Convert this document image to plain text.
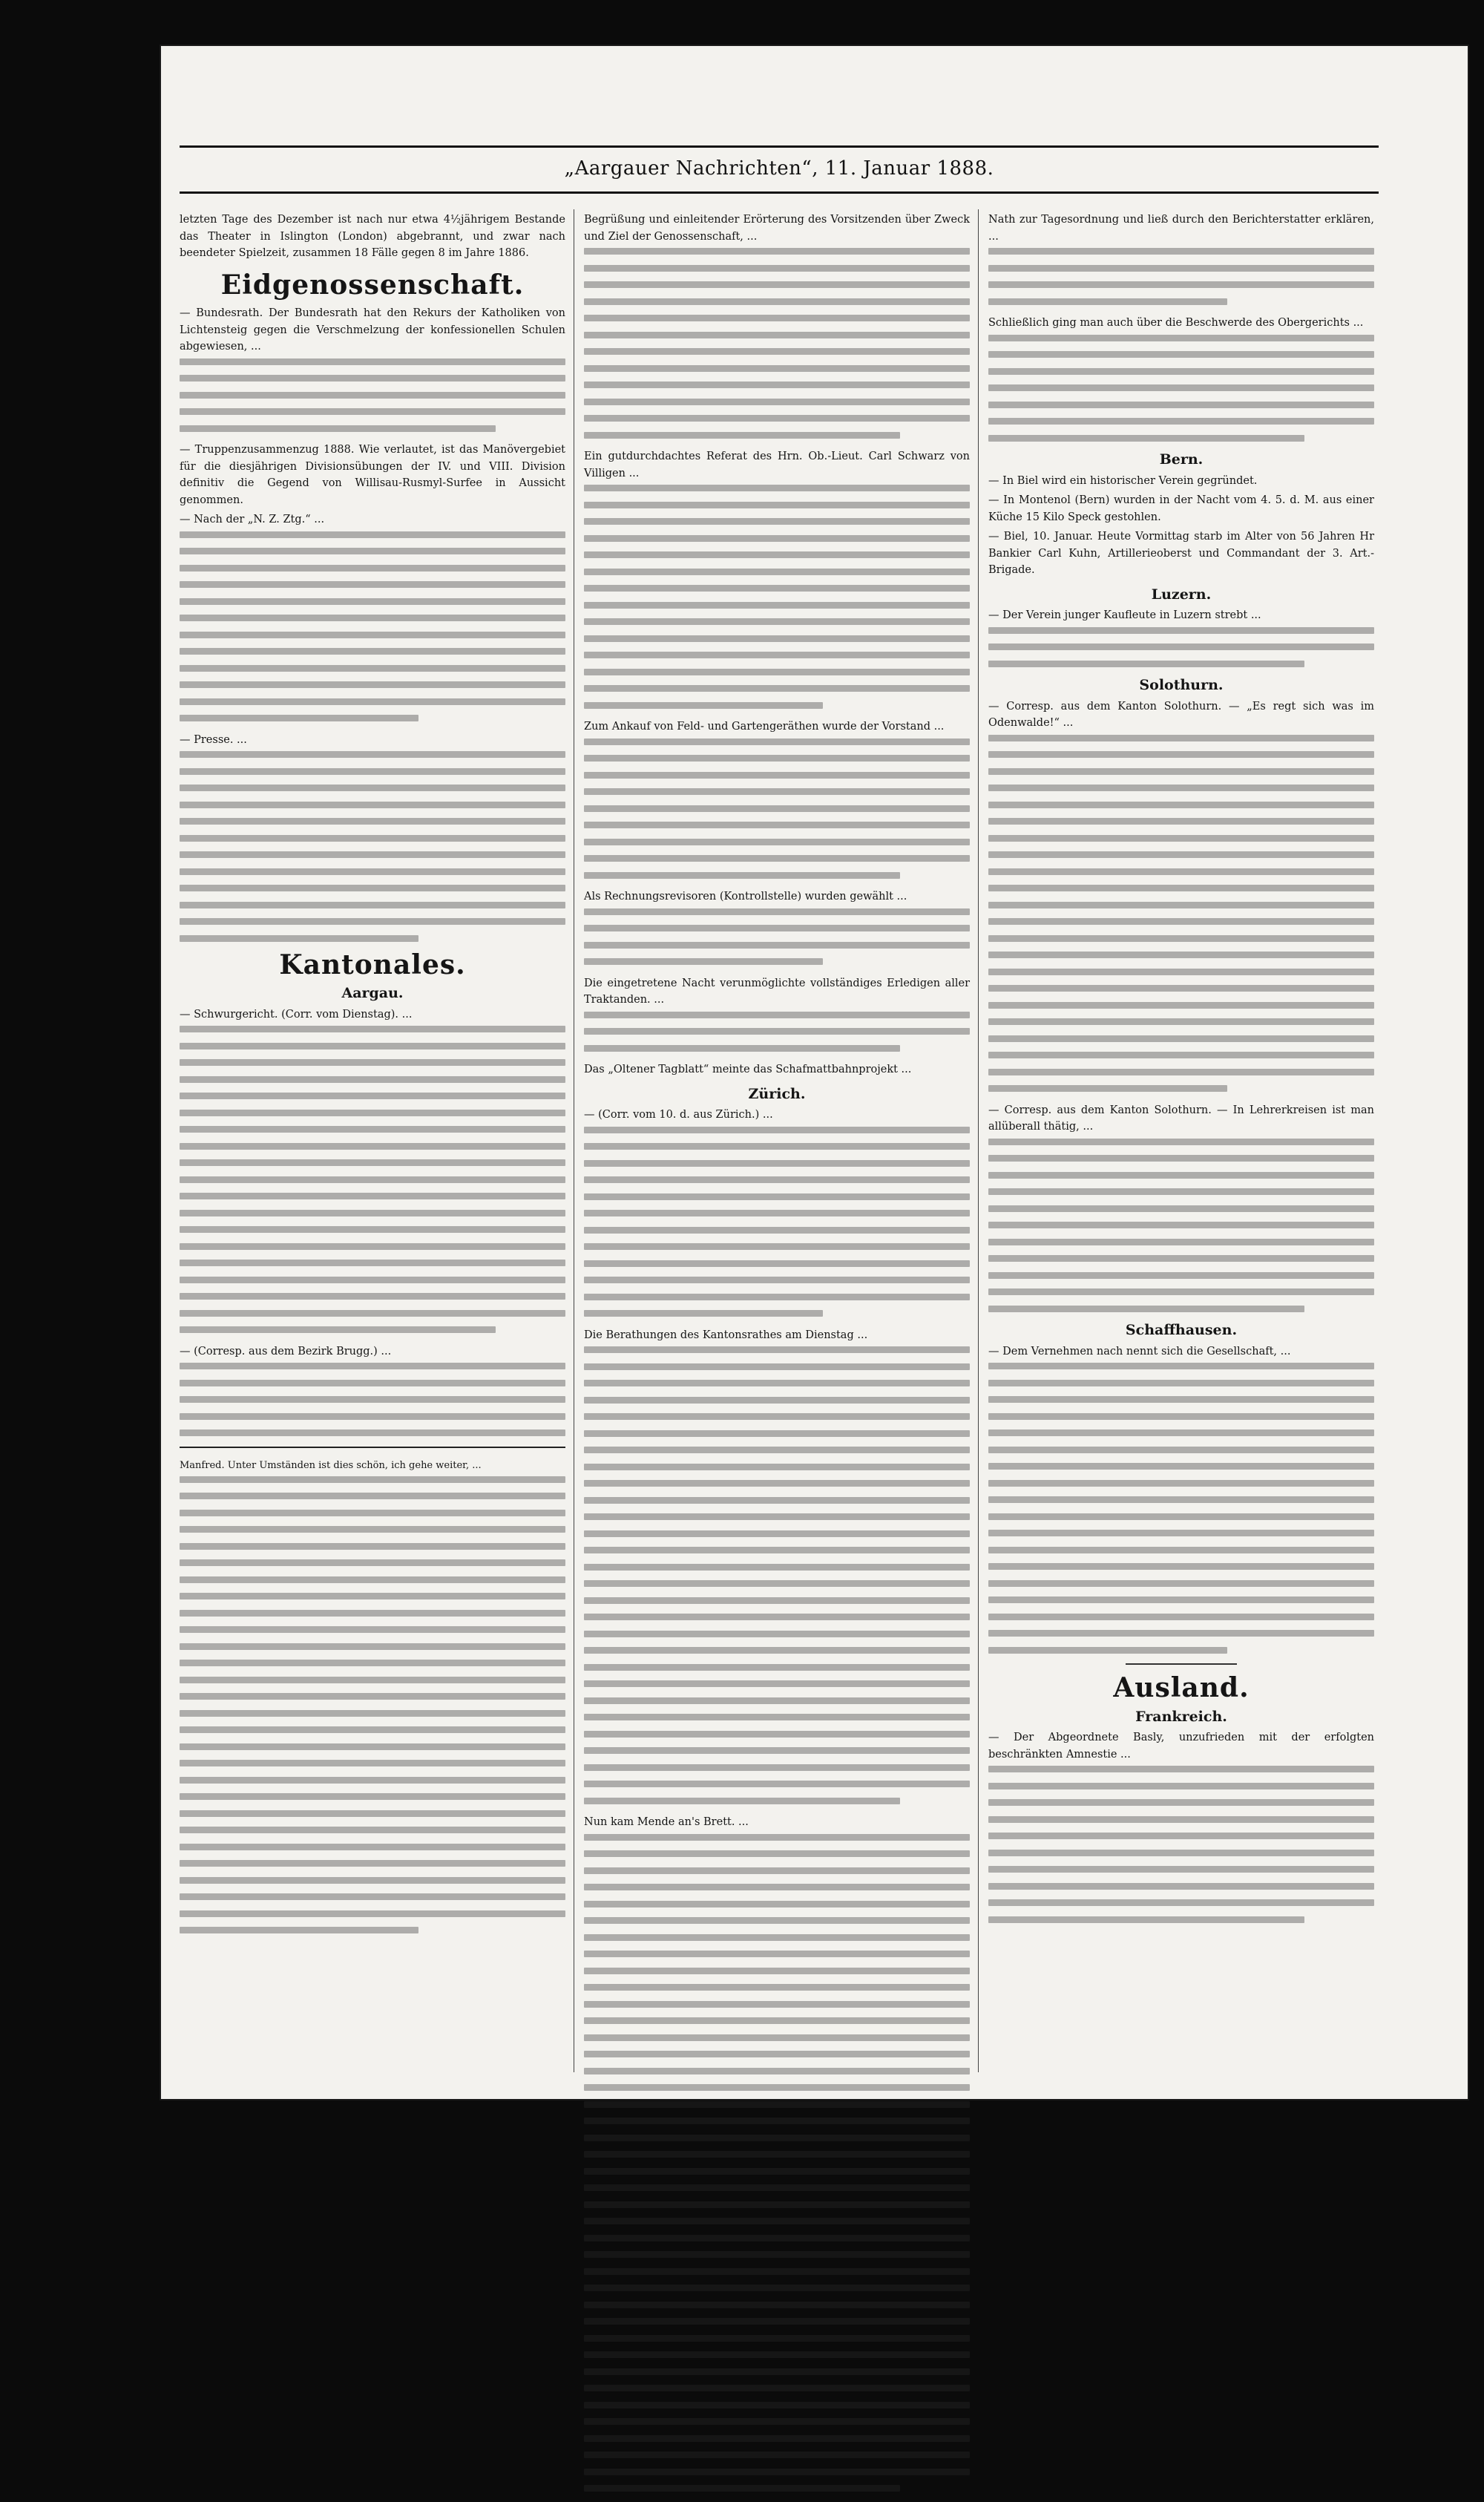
„Aargauer Nachrichten“, 11. Januar 1888.
letzten Tage des Dezember ist nach nur etwa 4½jährigem Bestande das Theater in Islington (London) abgebrannt, und zwar nach beendeter Spielzeit, zusammen 18 Fälle gegen 8 im Jahre 1886.
Eidgenossenschaft.
— Bundesrath. Der Bundesrath hat den Rekurs der Katholiken von Lichtensteig gegen die Verschmelzung der konfessionellen Schulen abgewiesen, ...
— Truppenzusammenzug 1888. Wie verlautet, ist das Manövergebiet für die diesjährigen Divisionsübungen der IV. und VIII. Division definitiv die Gegend von Willisau-Rusmyl-Surfee in Aussicht genommen.
— Nach der „N. Z. Ztg.“ ...
— Presse. ...
Kantonales.
Aargau.
— Schwurgericht. (Corr. vom Dienstag). ...
— (Corresp. aus dem Bezirk Brugg.) ...
Manfred. Unter Umständen ist dies schön, ich gehe weiter, ...
Begrüßung und einleitender Erörterung des Vorsitzenden über Zweck und Ziel der Genossenschaft, ...
Ein gutdurchdachtes Referat des Hrn. Ob.-Lieut. Carl Schwarz von Villigen ...
Zum Ankauf von Feld- und Gartengeräthen wurde der Vorstand ...
Als Rechnungsrevisoren (Kontrollstelle) wurden gewählt ...
Die eingetretene Nacht verunmöglichte vollständiges Erledigen aller Traktanden. ...
Das „Oltener Tagblatt“ meinte das Schafmattbahnprojekt ...
Zürich.
— (Corr. vom 10. d. aus Zürich.) ...
Die Berathungen des Kantonsrathes am Dienstag ...
Nun kam Mende an's Brett. ...
Nath zur Tagesordnung und ließ durch den Berichterstatter erklären, ...
Schließlich ging man auch über die Beschwerde des Obergerichts ...
Bern.
— In Biel wird ein historischer Verein gegründet.
— In Montenol (Bern) wurden in der Nacht vom 4. 5. d. M. aus einer Küche 15 Kilo Speck gestohlen.
— Biel, 10. Januar. Heute Vormittag starb im Alter von 56 Jahren Hr Bankier Carl Kuhn, Artillerieoberst und Commandant der 3. Art.-Brigade.
Luzern.
— Der Verein junger Kaufleute in Luzern strebt ...
Solothurn.
— Corresp. aus dem Kanton Solothurn. — „Es regt sich was im Odenwalde!“ ...
— Corresp. aus dem Kanton Solothurn. — In Lehrerkreisen ist man allüberall thätig, ...
Schaffhausen.
— Dem Vernehmen nach nennt sich die Gesellschaft, ...
Ausland.
Frankreich.
— Der Abgeordnete Basly, unzufrieden mit der erfolgten beschränkten Amnestie ...
